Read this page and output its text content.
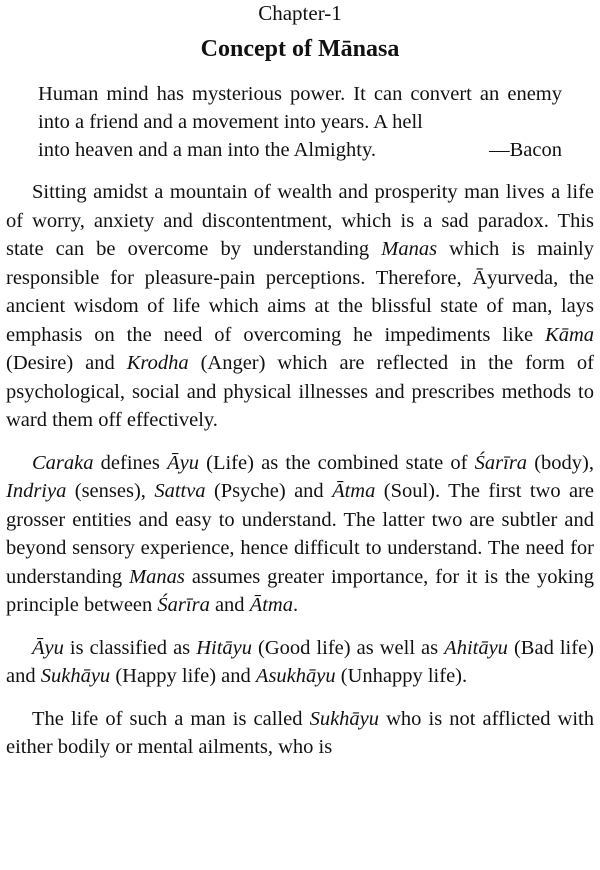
Chapter-1
Concept of Mānasa
Human mind has mysterious power. It can convert an enemy into a friend and a movement into years. A hell
into heaven and a man into the Almighty.	—Bacon

Sitting amidst a mountain of wealth and prosperity man lives a life of worry, anxiety and discontentment, which is a sad paradox. This state can be overcome by understanding Manas which is mainly responsible for pleasure-pain perceptions. Therefore, Āyurveda, the ancient wisdom of life which aims at the blissful state of man, lays emphasis on the need of overcoming he impediments like Kāma (Desire) and Krodha (Anger) which are reflected in the form of psychological, social and physical illnesses and prescribes methods to ward them off effectively.

Caraka defines Āyu (Life) as the combined state of Śarīra (body), Indriya (senses), Sattva (Psyche) and Ātma (Soul). The first two are grosser entities and easy to understand. The latter two are subtler and beyond sensory experience, hence difficult to understand. The need for understanding Manas assumes greater importance, for it is the yoking principle between Śarīra and Ātma.

Āyu is classified as Hitāyu (Good life) as well as Ahitāyu (Bad life) and Sukhāyu (Happy life) and Asukhāyu (Unhappy life).

The life of such a man is called Sukhāyu who is not afflicted with either bodily or mental ailments, who is
